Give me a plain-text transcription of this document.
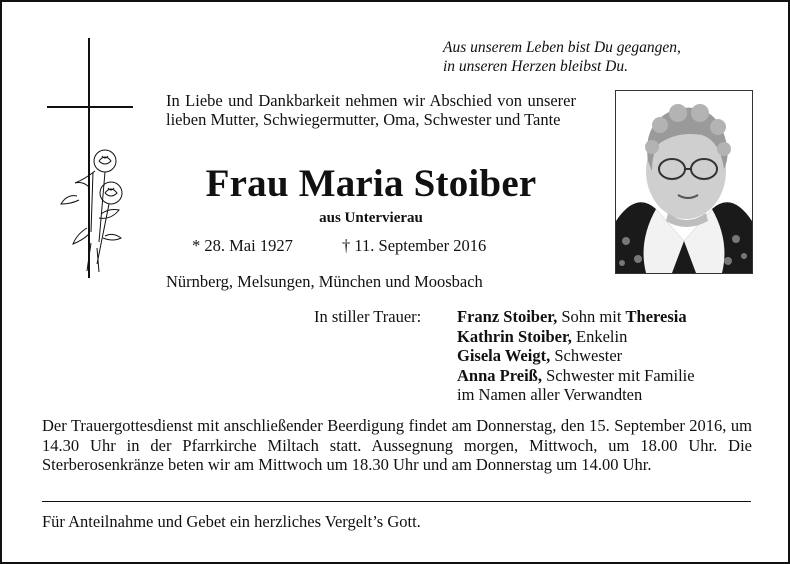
Aus unserem Leben bist Du gegangen,
in unseren Herzen bleibst Du.
In Liebe und Dankbarkeit nehmen wir Abschied von unserer lieben Mutter, Schwiegermutter, Oma, Schwester und Tante
Frau Maria Stoiber
aus Untervierau
* 28. Mai 1927	† 11. September 2016
Nürnberg, Melsungen, München und Moosbach
In stiller Trauer: Franz Stoiber, Sohn mit Theresia
Kathrin Stoiber, Enkelin
Gisela Weigt, Schwester
Anna Preiß, Schwester mit Familie
im Namen aller Verwandten
Der Trauergottesdienst mit anschließender Beerdigung findet am Donnerstag, den 15. September 2016, um 14.30 Uhr in der Pfarrkirche Miltach statt. Aussegnung morgen, Mittwoch, um 18.00 Uhr. Die Sterberosenkränze beten wir am Mittwoch um 18.30 Uhr und am Donnerstag um 14.00 Uhr.
Für Anteilnahme und Gebet ein herzliches Vergelt’s Gott.
